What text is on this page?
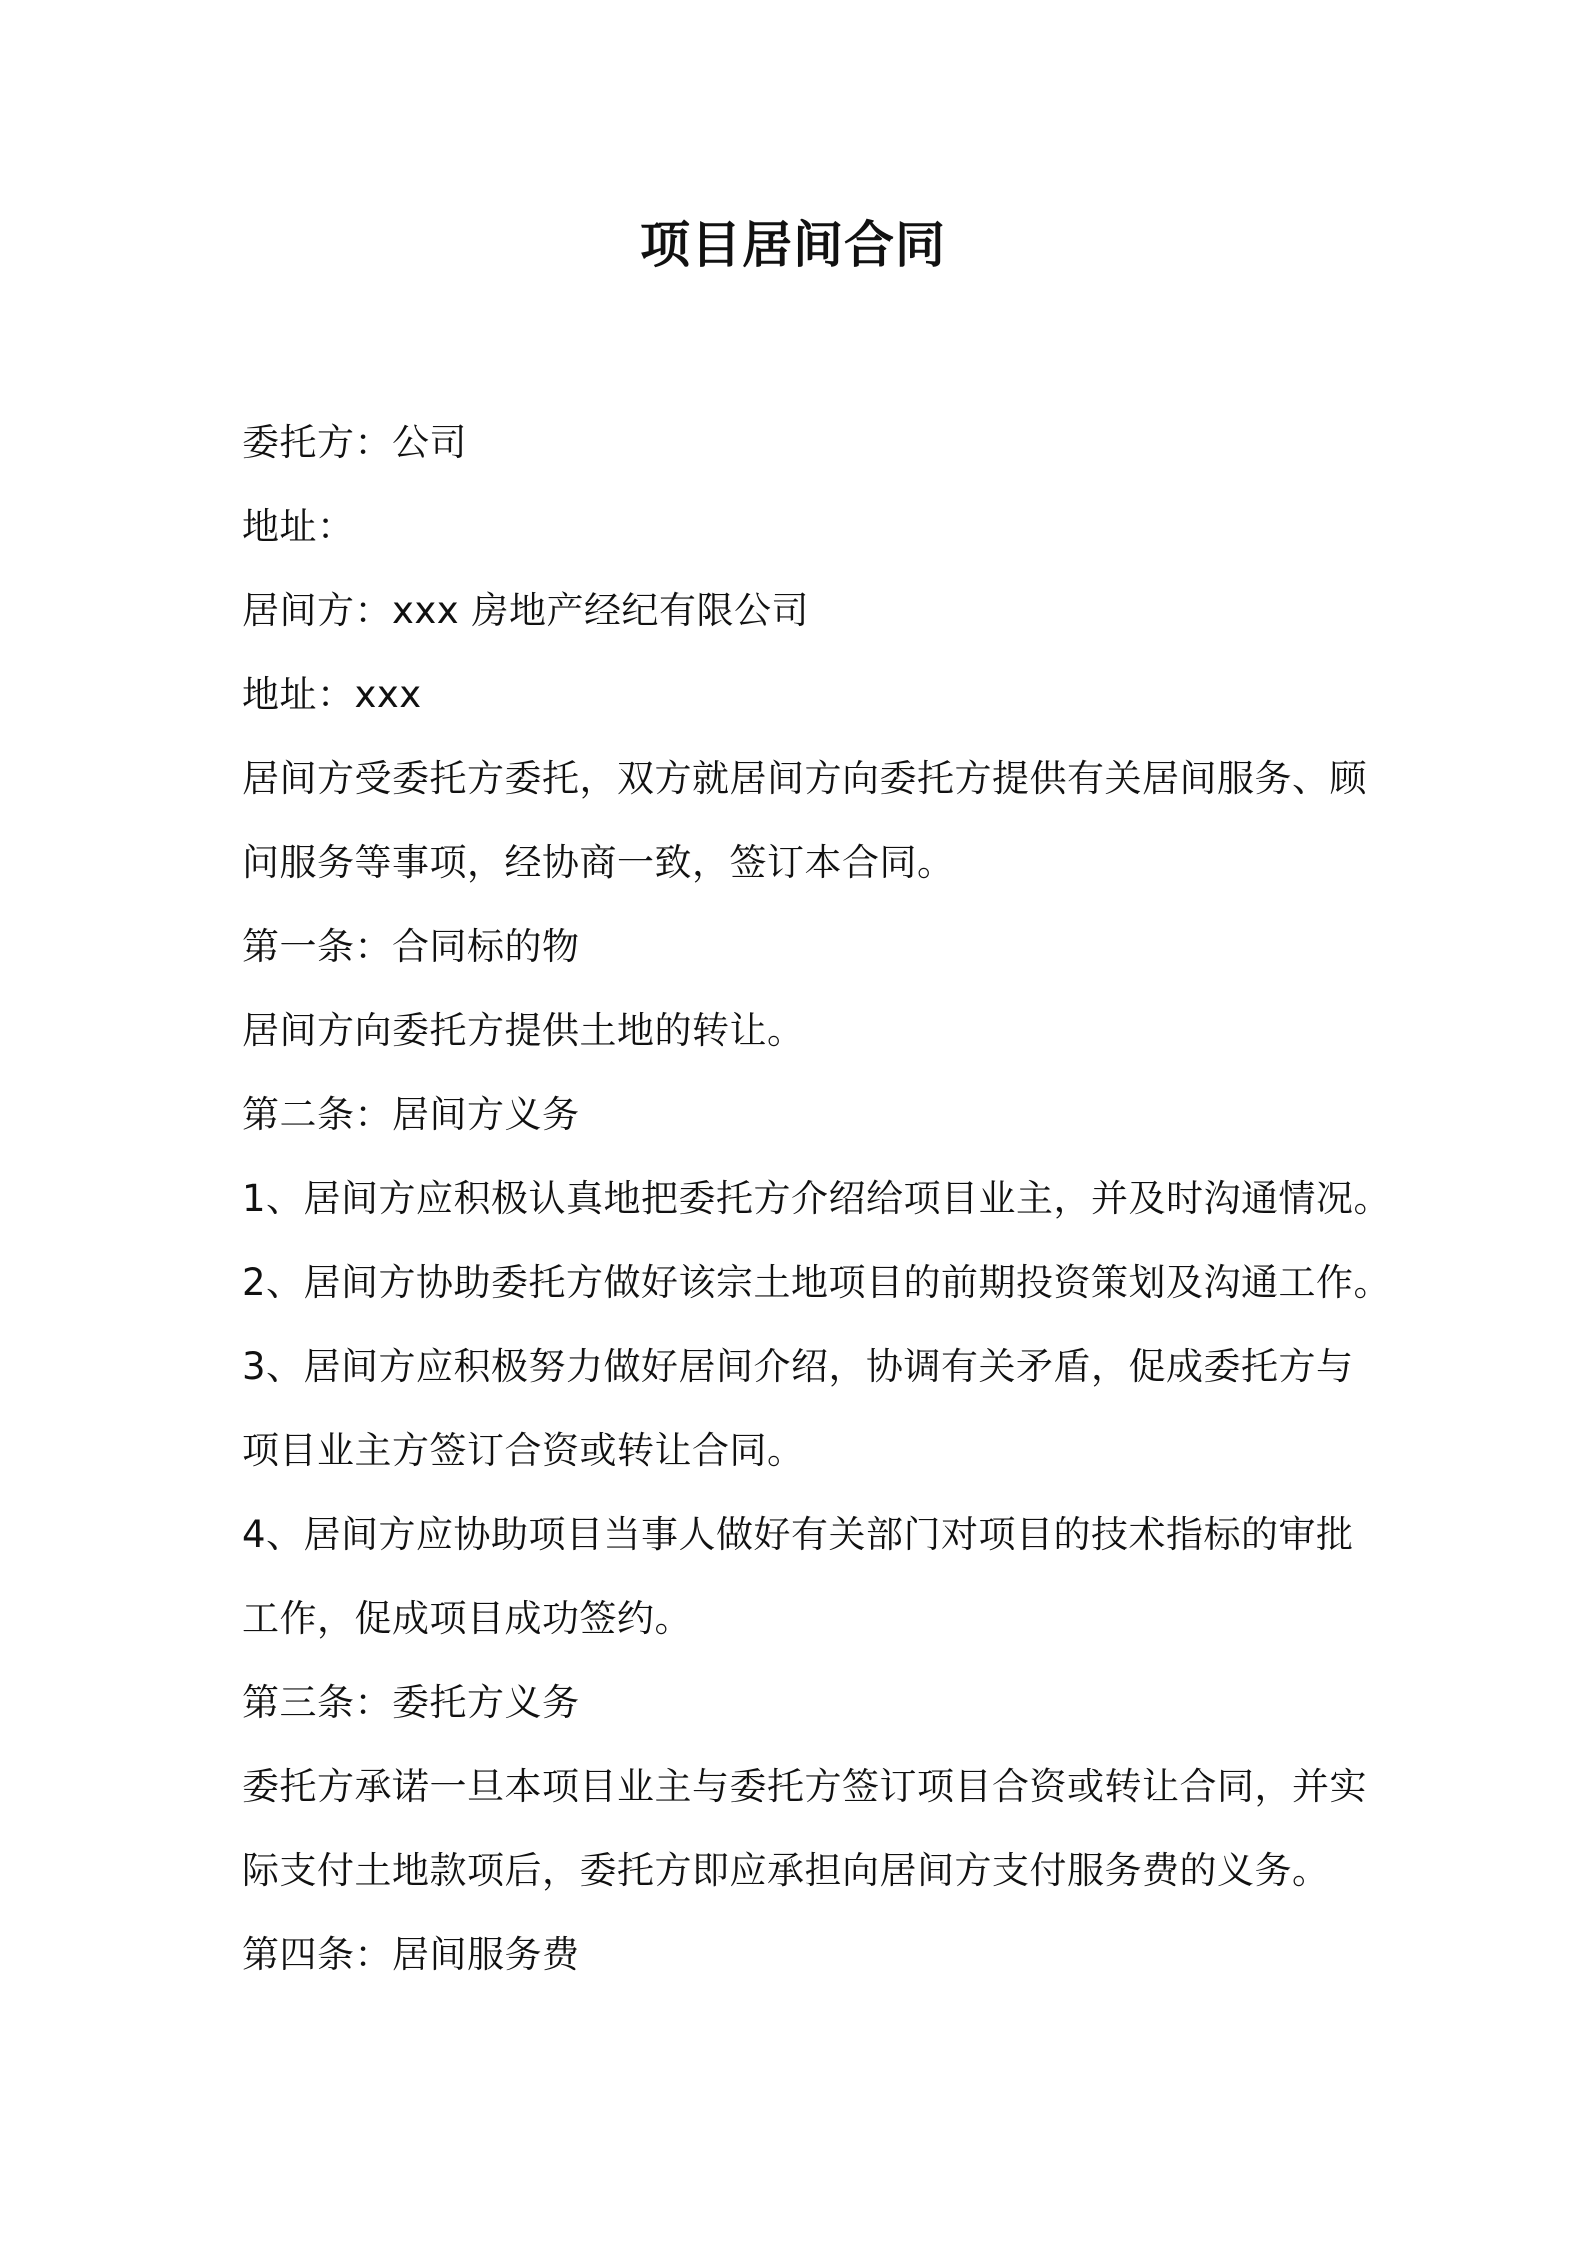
项目居间合同

委托方：公司

地址：

居间方：xxx 房地产经纪有限公司

地址：xxx

居间方受委托方委托，双方就居间方向委托方提供有关居间服务、顾

问服务等事项，经协商一致，签订本合同。

第一条：合同标的物

居间方向委托方提供土地的转让。

第二条：居间方义务

1、居间方应积极认真地把委托方介绍给项目业主，并及时沟通情况。

2、居间方协助委托方做好该宗土地项目的前期投资策划及沟通工作。

3、居间方应积极努力做好居间介绍，协调有关矛盾，促成委托方与

项目业主方签订合资或转让合同。

4、居间方应协助项目当事人做好有关部门对项目的技术指标的审批

工作，促成项目成功签约。

第三条：委托方义务

委托方承诺一旦本项目业主与委托方签订项目合资或转让合同，并实

际支付土地款项后，委托方即应承担向居间方支付服务费的义务。

第四条：居间服务费
